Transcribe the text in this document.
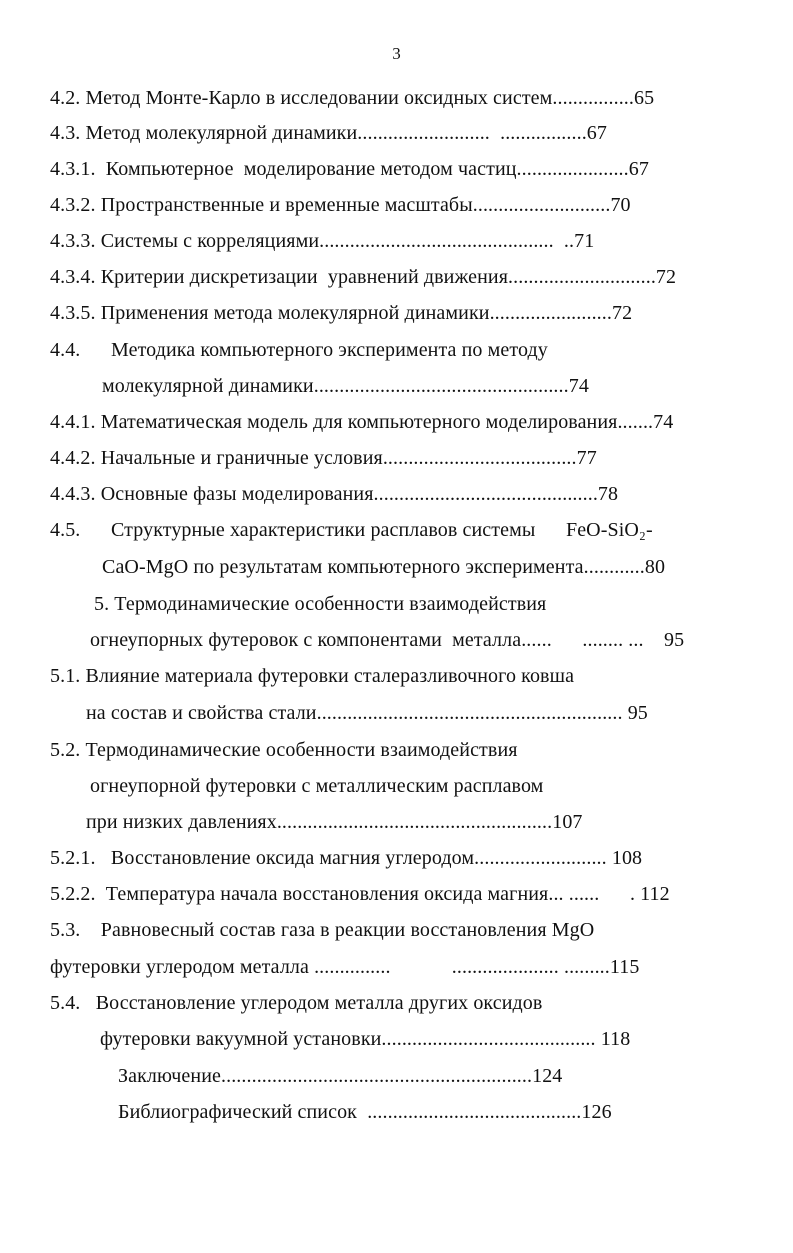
3
4.2. Метод Монте-Карло в исследовании оксидных систем................65
4.3. Метод молекулярной динамики..........................  .................67
4.3.1.  Компьютерное  моделирование методом частиц......................67
4.3.2. Пространственные и временные масштабы...........................70
4.3.3. Системы с корреляциями..............................................  ..71
4.3.4. Критерии дискретизации  уравнений движения.............................72
4.3.5. Применения метода молекулярной динамики........................72
4.4.      Методика компьютерного эксперимента по методу
молекулярной динамики..................................................74
4.4.1. Математическая модель для компьютерного моделирования.......74
4.4.2. Начальные и граничные условия......................................77
4.4.3. Основные фазы моделирования............................................78
4.5.      Структурные характеристики расплавов системы      FeO-SiO₂-
CaO-MgO по результатам компьютерного эксперимента............80
5. Термодинамические особенности взаимодействия
огнеупорных футеровок с компонентами  металла......      ........ ...    95
5.1. Влияние материала футеровки сталеразливочного ковша
на состав и свойства стали............................................................ 95
5.2. Термодинамические особенности взаимодействия
огнеупорной футеровки с металлическим расплавом
при низких давлениях......................................................107
5.2.1.   Восстановление оксида магния углеродом.......................... 108
5.2.2.  Температура начала восстановления оксида магния... ......      . 112
5.3.    Равновесный состав газа в реакции восстановления MgO
футеровки углеродом металла ...............            ..................... .........115
5.4.   Восстановление углеродом металла других оксидов
футеровки вакуумной установки.......................................... 118
Заключение.............................................................124
Библиографический список  ..........................................126
